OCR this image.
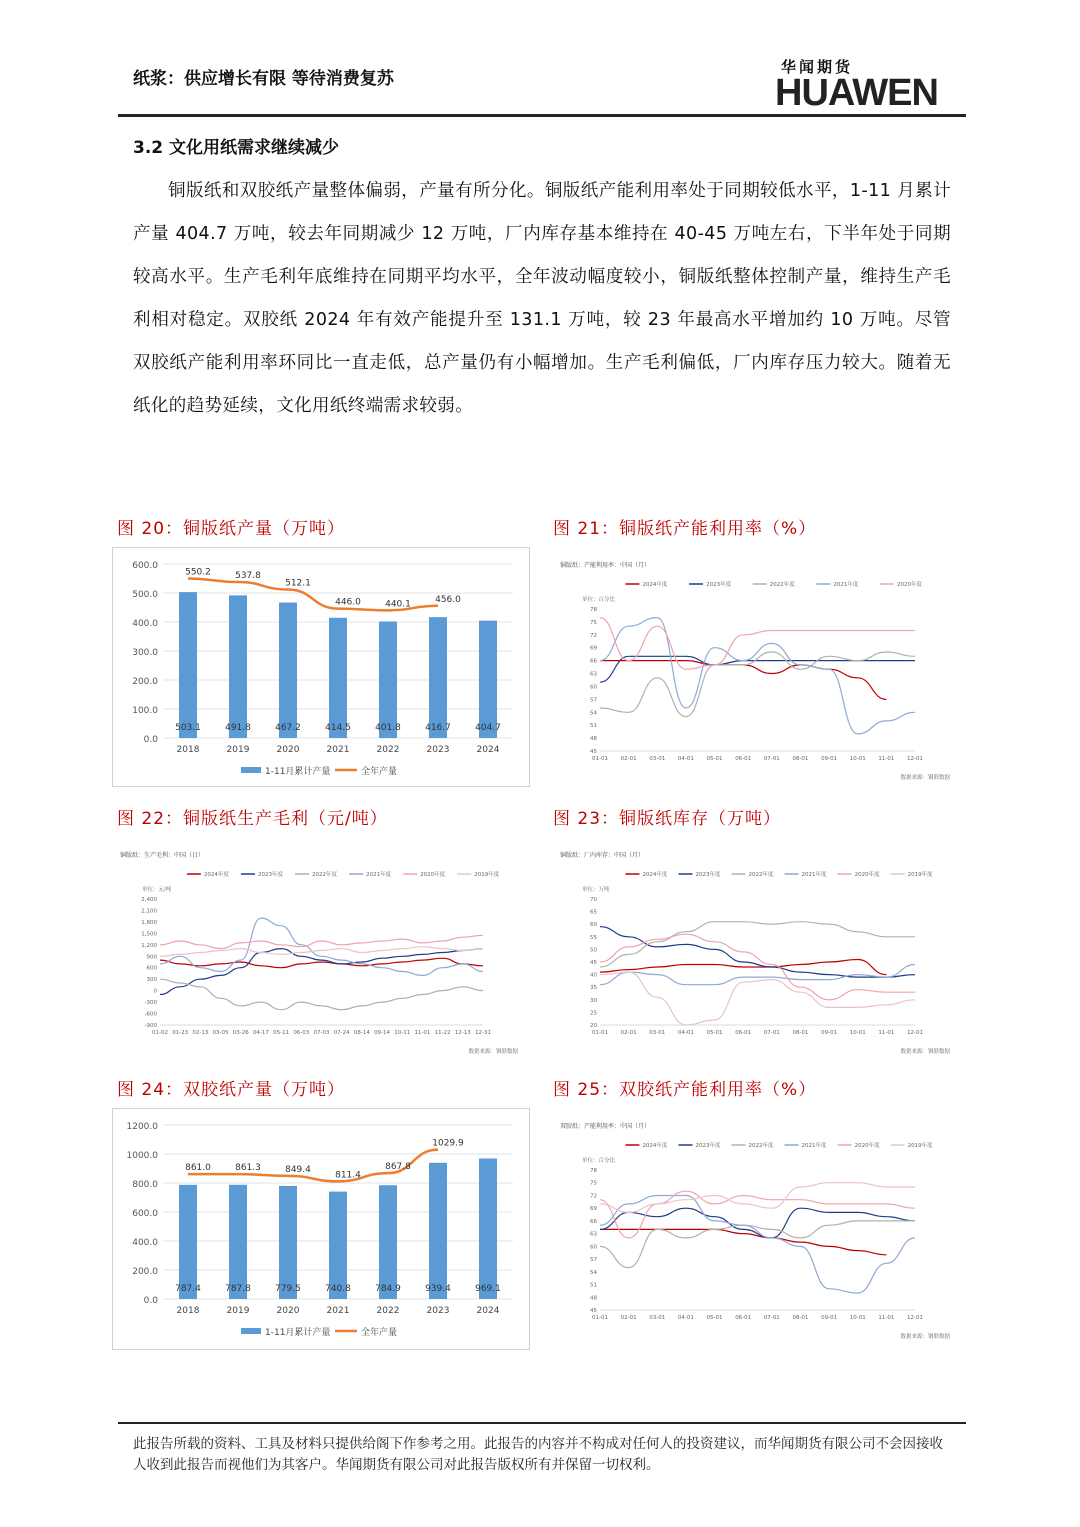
纸浆：供应增长有限 等待消费复苏
华闻期货
HUAWEN
3.2 文化用纸需求继续减少
铜版纸和双胶纸产量整体偏弱，产量有所分化。铜版纸产能利用率处于同期较低水平，1-11 月累计产量 404.7 万吨，较去年同期减少 12 万吨，厂内库存基本维持在 40-45 万吨左右，下半年处于同期较高水平。生产毛利年底维持在同期平均水平，全年波动幅度较小，铜版纸整体控制产量，维持生产毛利相对稳定。双胶纸 2024 年有效产能提升至 131.1 万吨，较 23 年最高水平增加约 10 万吨。尽管双胶纸产能利用率环同比一直走低，总产量仍有小幅增加。生产毛利偏低，厂内库存压力较大。随着无纸化的趋势延续，文化用纸终端需求较弱。
图 20：铜版纸产量（万吨）	图 21：铜版纸产能利用率（%）
图 22：铜版纸生产毛利（元/吨）	图 23：铜版纸库存（万吨）
图 24：双胶纸产量（万吨）	图 25：双胶纸产能利用率（%）
600.0
500.0
400.0
300.0
200.0
100.0
0.0
503.1
2018
491.8
2019
467.2
2020
414.5
2021
401.8
2022
416.7
2023
404.7
2024
550.2	537.8
512.1
446.0	440.1	456.0
1-11月累计产量	全年产量
铜版纸：产能利用率：中国（月）
2024年度	2023年度	2022年度	2021年度	2020年度
单位：百分比
78
75
72
69
66
63
60
57
54
51
48
45
01-01 02-01 03-01 04-01 05-01 06-01 07-01 08-01 09-01 10-01 11-01 12-01
数据来源：钢联数据
铜版纸：生产毛利：中国（日）
2024年度	2023年度	2022年度	2021年度	2020年度	2019年度
单位：元/吨
2,400
2,100
1,800
1,500
1,200
900
600
300
0
-300
-600
-900
01-02 01-23 02-13 03-05 03-26 04-17 05-11 06-03 07-03 07-24 08-14 09-14 10-11 11-01 11-22 12-13 12-31
数据来源：钢联数据
铜版纸：厂内库存：中国（月）
2024年度	2023年度	2022年度	2021年度	2020年度	2019年度
单位：万吨
70
65
60
55
50
45
40
35
30
25
20
01-01 02-01 03-01 04-01 05-01 06-01 07-01 08-01 09-01 10-01 11-01 12-01
数据来源：钢联数据
1200.0
1000.0
800.0
600.0
400.0
200.0
0.0
787.4
2018
787.8
2019
779.5
2020
740.8
2021
784.9
2022
939.4
2023
969.1
2024
861.0	861.3	849.4
811.4
867.8
1029.9
1-11月累计产量	全年产量
双胶纸：产能利用率：中国（月）
2024年度	2023年度	2022年度	2021年度	2020年度	2019年度
单位：百分比
78
75
72
69
66
63
60
57
54
51
48
45
01-01 02-01 03-01 04-01 05-01 06-01 07-01 08-01 09-01 10-01 11-01 12-01
数据来源：钢联数据
此报告所载的资料、工具及材料只提供给阁下作参考之用。此报告的内容并不构成对任何人的投资建议，而华闻期货有限公司不会因接收人收到此报告而视他们为其客户。华闻期货有限公司对此报告版权所有并保留一切权利。
